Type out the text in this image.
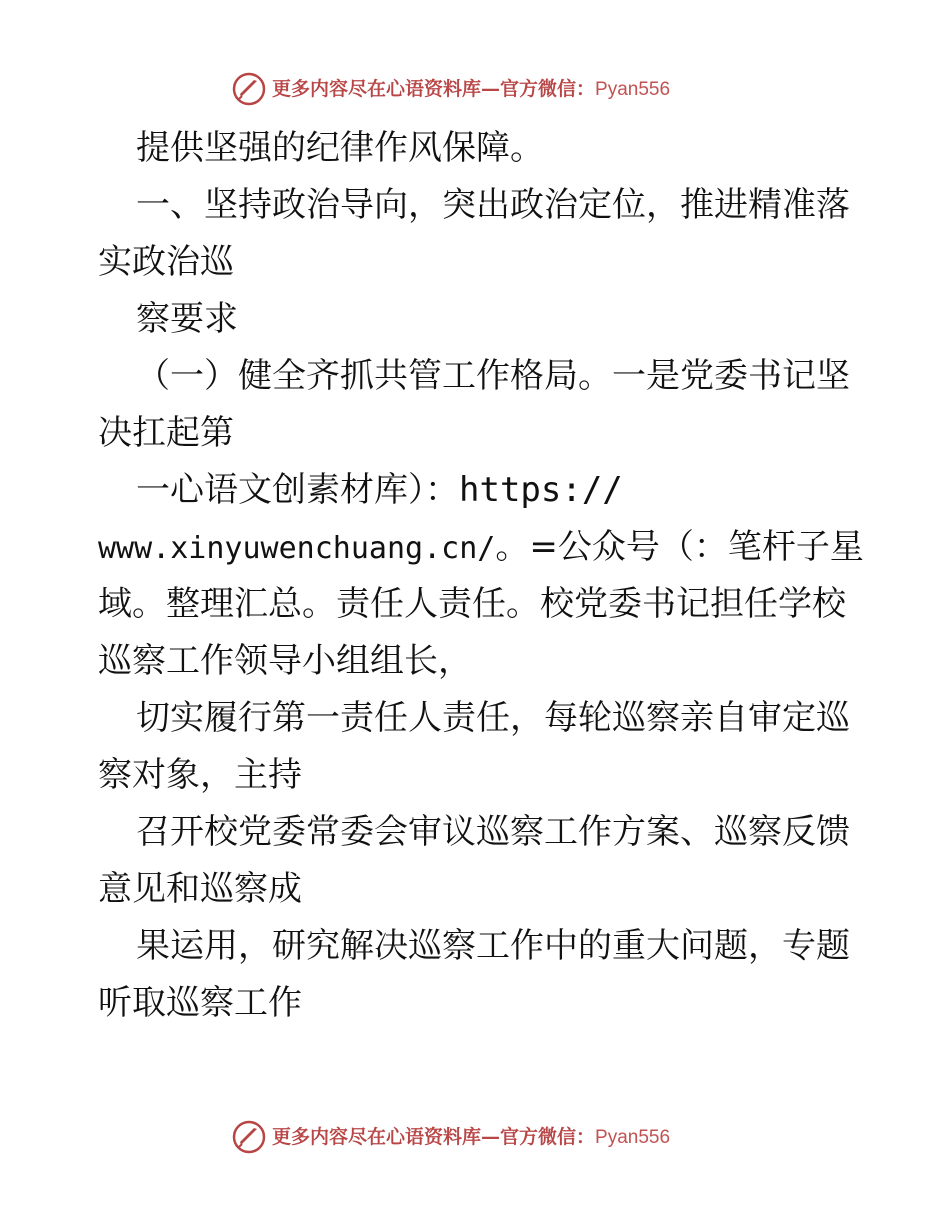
更多内容尽在心语资料库—官方微信：Pyan556
提供坚强的纪律作风保障。
一、坚持政治导向，突出政治定位，推进精准落
实政治巡
察要求
（一）健全齐抓共管工作格局。一是党委书记坚
决扛起第
一心语文创素材库）：https://
www.xinyuwenchuang.cn/。=公众号（：笔杆子星
域。整理汇总。责任人责任。校党委书记担任学校
巡察工作领导小组组长，
切实履行第一责任人责任，每轮巡察亲自审定巡
察对象，主持
召开校党委常委会审议巡察工作方案、巡察反馈
意见和巡察成
果运用，研究解决巡察工作中的重大问题，专题
听取巡察工作
更多内容尽在心语资料库—官方微信：Pyan556
